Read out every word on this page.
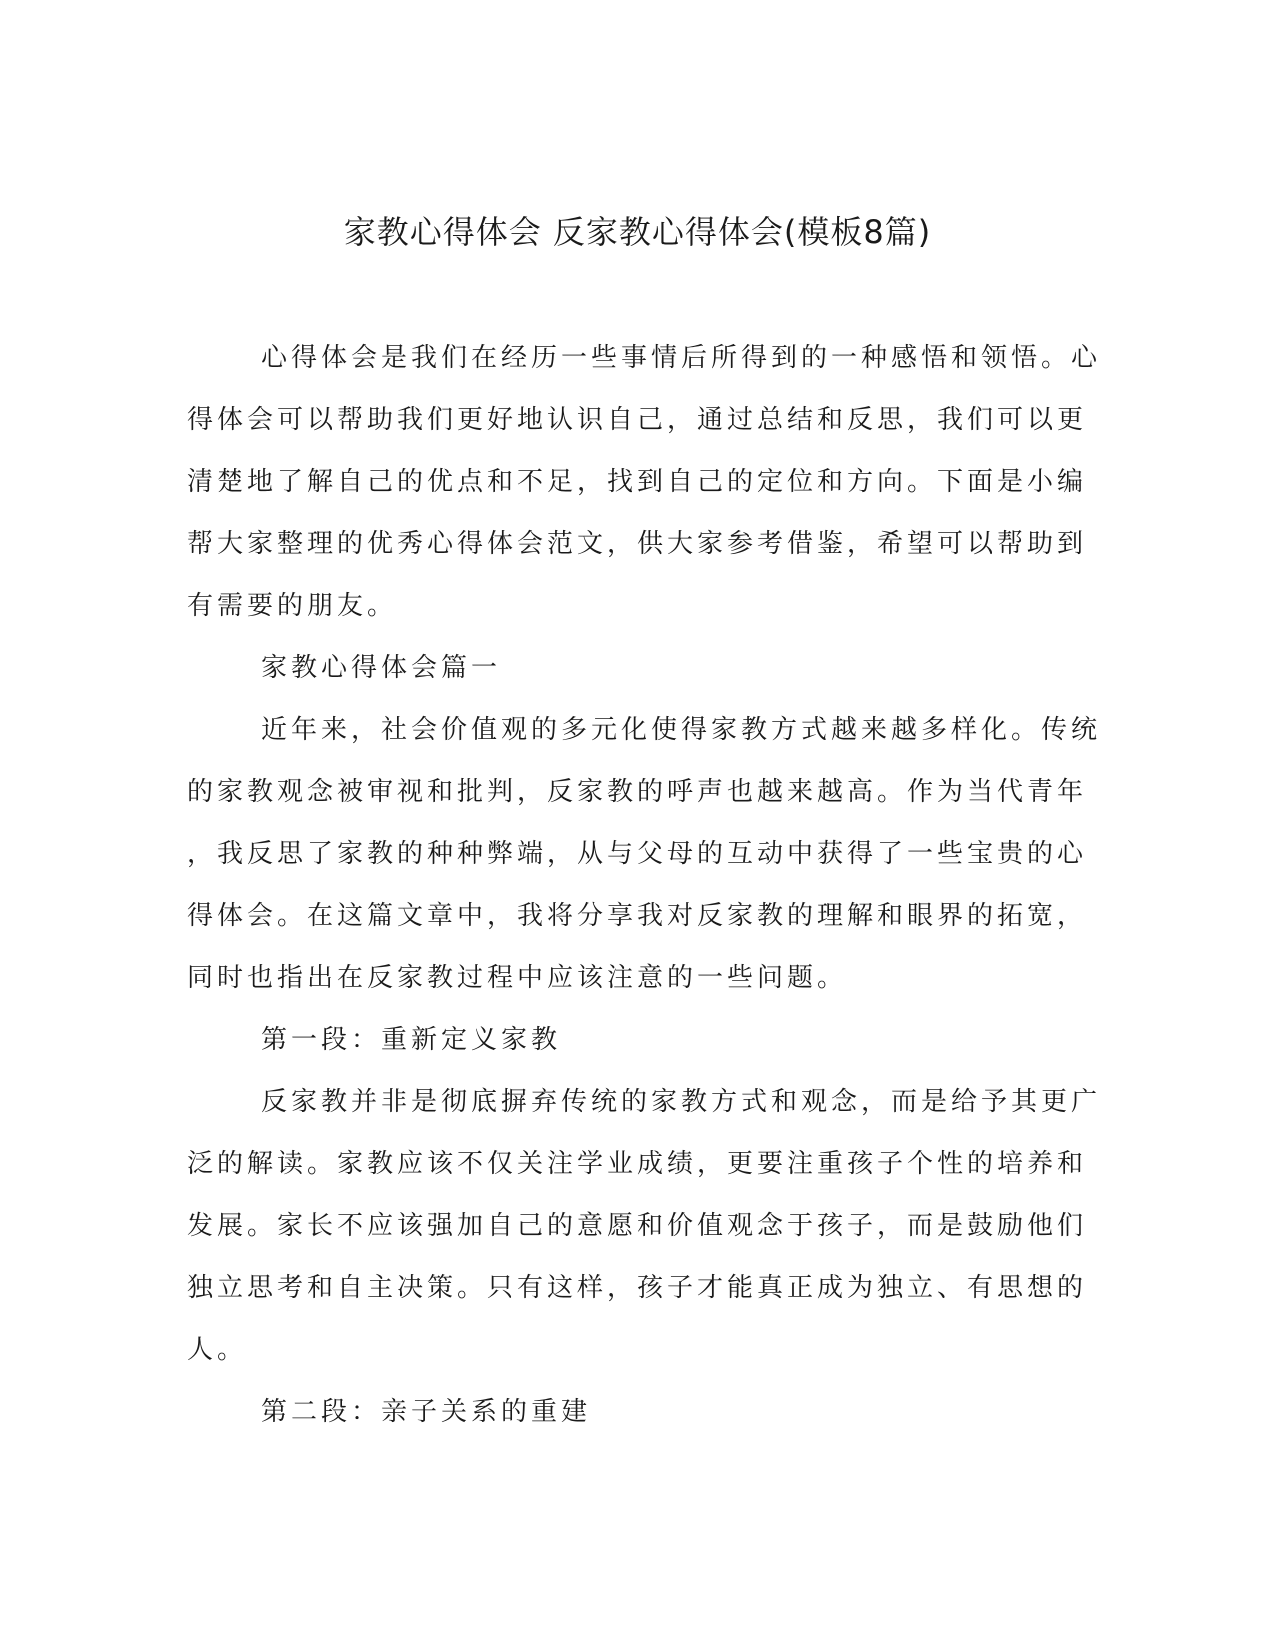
家教心得体会 反家教心得体会(模板8篇)

心得体会是我们在经历一些事情后所得到的一种感悟和领悟。心
得体会可以帮助我们更好地认识自己，通过总结和反思，我们可以更
清楚地了解自己的优点和不足，找到自己的定位和方向。下面是小编
帮大家整理的优秀心得体会范文，供大家参考借鉴，希望可以帮助到
有需要的朋友。

家教心得体会篇一

近年来，社会价值观的多元化使得家教方式越来越多样化。传统
的家教观念被审视和批判，反家教的呼声也越来越高。作为当代青年
，我反思了家教的种种弊端，从与父母的互动中获得了一些宝贵的心
得体会。在这篇文章中，我将分享我对反家教的理解和眼界的拓宽，
同时也指出在反家教过程中应该注意的一些问题。

第一段：重新定义家教

反家教并非是彻底摒弃传统的家教方式和观念，而是给予其更广
泛的解读。家教应该不仅关注学业成绩，更要注重孩子个性的培养和
发展。家长不应该强加自己的意愿和价值观念于孩子，而是鼓励他们
独立思考和自主决策。只有这样，孩子才能真正成为独立、有思想的
人。

第二段：亲子关系的重建
